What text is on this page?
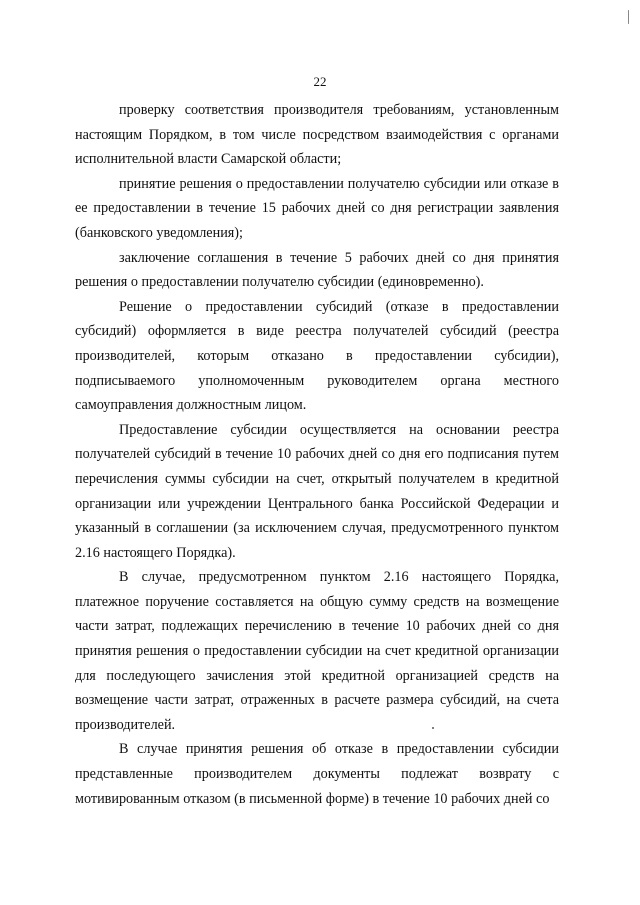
22

проверку соответствия производителя требованиям, установленным настоящим Порядком, в том числе посредством взаимодействия с органами исполнительной власти Самарской области;

принятие решения о предоставлении получателю субсидии или отказе в ее предоставлении в течение 15 рабочих дней со дня регистрации заявления (банковского уведомления);

заключение соглашения в течение 5 рабочих дней со дня принятия решения о предоставлении получателю субсидии (единовременно).

Решение о предоставлении субсидий (отказе в предоставлении субсидий) оформляется в виде реестра получателей субсидий (реестра производителей, которым отказано в предоставлении субсидии), подписываемого уполномоченным руководителем органа местного самоуправления должностным лицом.

Предоставление субсидии осуществляется на основании реестра получателей субсидий в течение 10 рабочих дней со дня его подписания путем перечисления суммы субсидии на счет, открытый получателем в кредитной организации или учреждении Центрального банка Российской Федерации и указанный в соглашении (за исключением случая, предусмотренного пунктом 2.16 настоящего Порядка).

В случае, предусмотренном пунктом 2.16 настоящего Порядка, платежное поручение составляется на общую сумму средств на возмещение части затрат, подлежащих перечислению в течение 10 рабочих дней со дня принятия решения о предоставлении субсидии на счет кредитной организации для последующего зачисления этой кредитной организацией средств на возмещение части затрат, отраженных в расчете размера субсидий, на счета производителей.

В случае принятия решения об отказе в предоставлении субсидии представленные производителем документы подлежат возврату с мотивированным отказом (в письменной форме) в течение 10 рабочих дней со
